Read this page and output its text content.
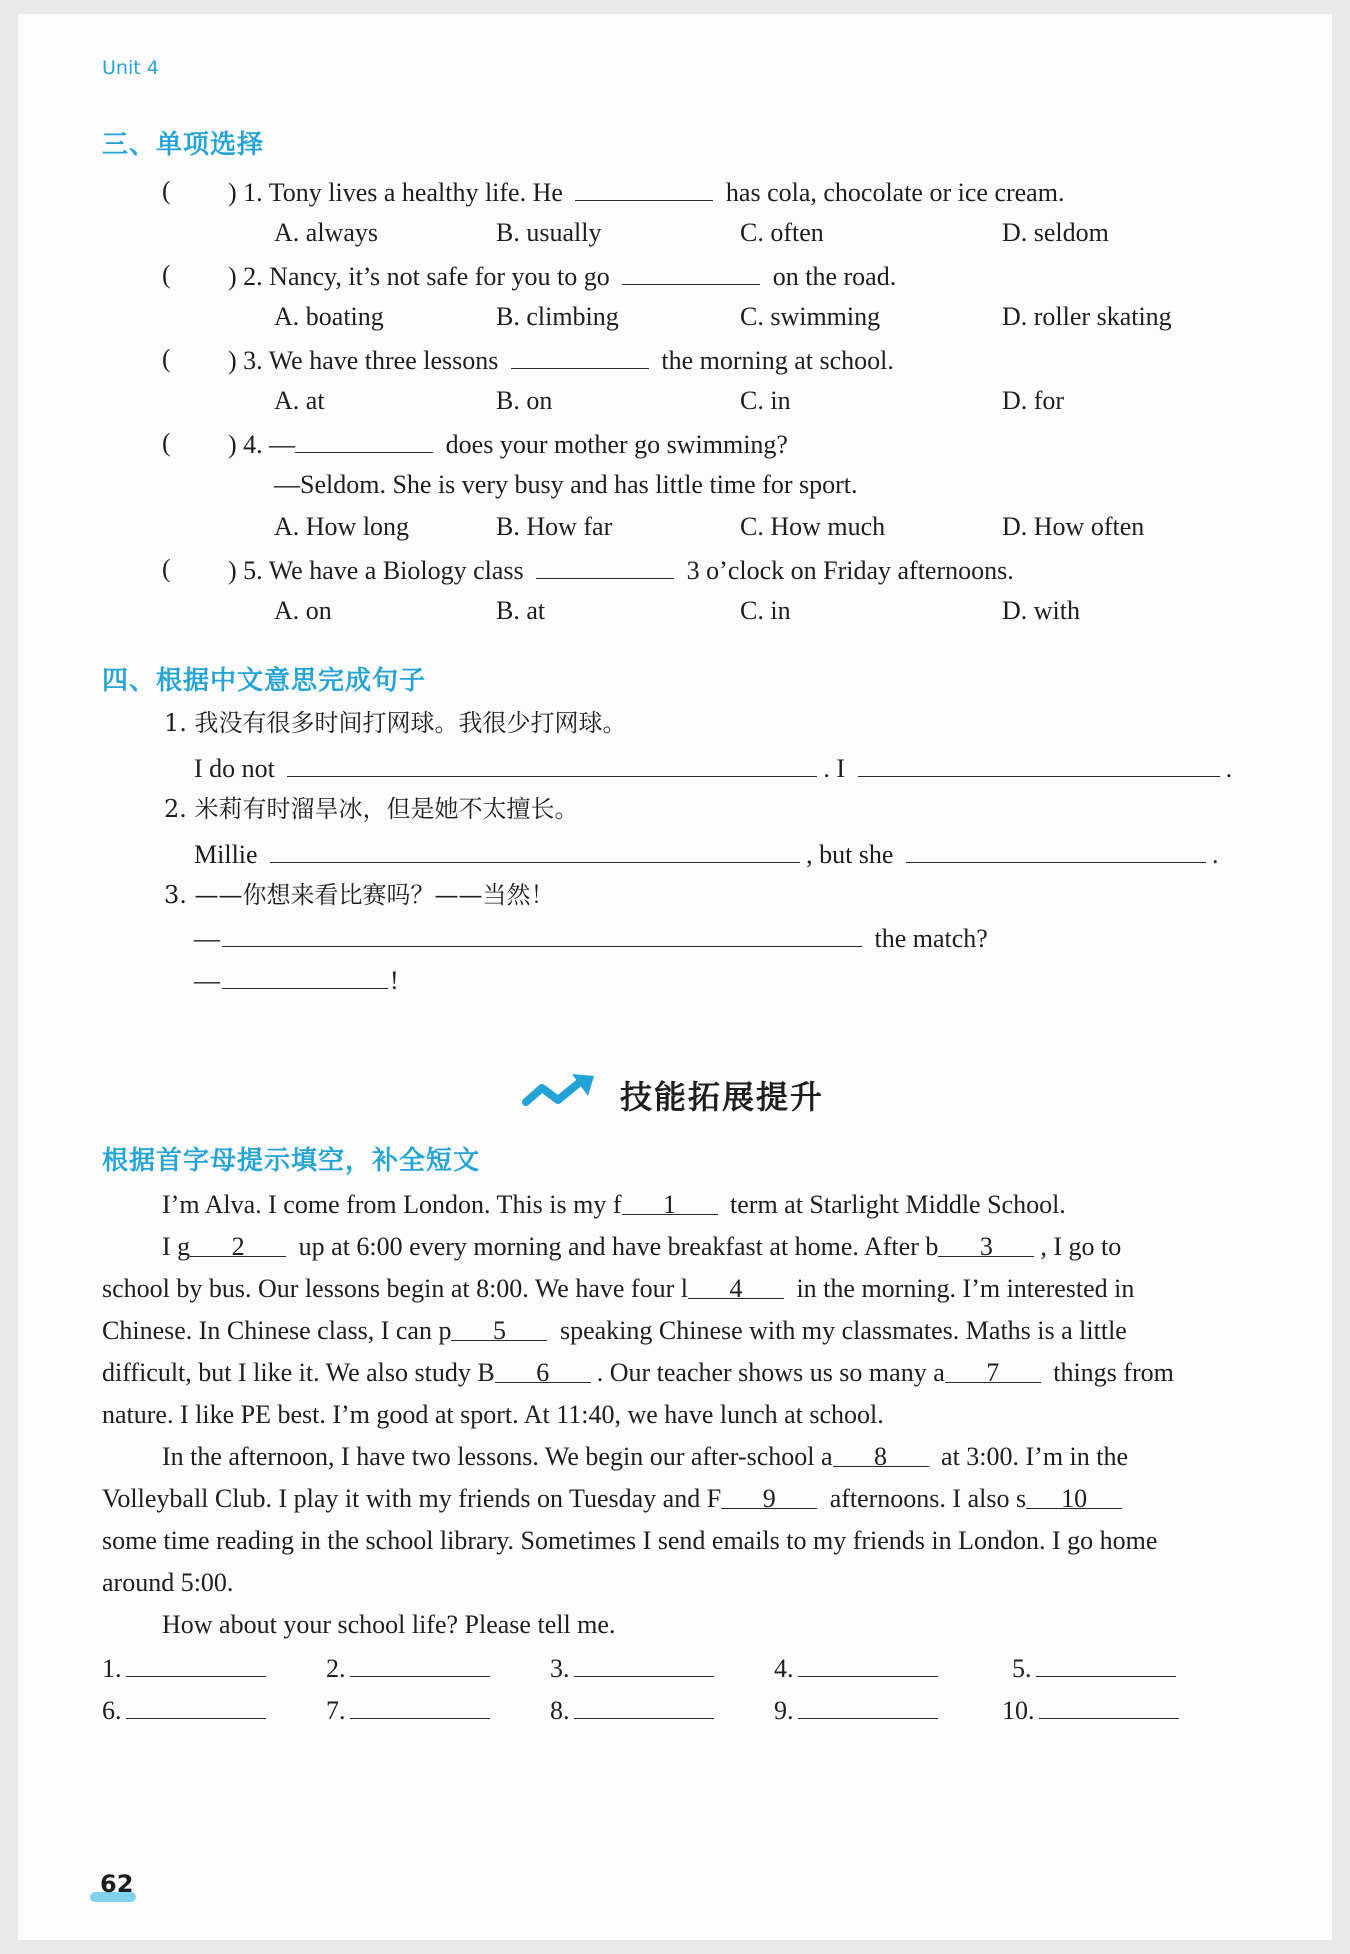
Unit 4
三、单项选择
( ) 1. Tony lives a healthy life. He	has cola, chocolate or ice cream.
A. always	B. usually	C. often	D. seldom
( ) 2. Nancy, it’s not safe for you to go	on the road.
A. boating	B. climbing	C. swimming	D. roller skating
( ) 3. We have three lessons	the morning at school.
A. at	B. on	C. in	D. for
( ) 4. —	does your mother go swimming?
—Seldom. She is very busy and has little time for sport.
A. How long	B. How far	C. How much	D. How often
( ) 5. We have a Biology class	3 o’clock on Friday afternoons.
A. on	B. at	C. in	D. with
四、根据中文意思完成句子
1. 我没有很多时间打网球。我很少打网球。
I do not	. I	.
2. 米莉有时溜旱冰，但是她不太擅长。
Millie	, but she	.
3. ——你想来看比赛吗？——当然！
—	the match?
—	!
技能拓展提升
根据首字母提示填空，补全短文
I’m Alva. I come from London. This is my f 1 term at Starlight Middle School.
I g 2 up at 6:00 every morning and have breakfast at home. After b 3 , I go to
school by bus. Our lessons begin at 8:00. We have four l 4 in the morning. I’m interested in
Chinese. In Chinese class, I can p 5 speaking Chinese with my classmates. Maths is a little
difficult, but I like it. We also study B 6 . Our teacher shows us so many a 7 things from
nature. I like PE best. I’m good at sport. At 11:40, we have lunch at school.
In the afternoon, I have two lessons. We begin our after-school a 8 at 3:00. I’m in the
Volleyball Club. I play it with my friends on Tuesday and F 9 afternoons. I also s 10
some time reading in the school library. Sometimes I send emails to my friends in London. I go home
around 5:00.
How about your school life? Please tell me.
1.	2.	3.	4.	5.
6.	7.	8.	9.	10.
62
